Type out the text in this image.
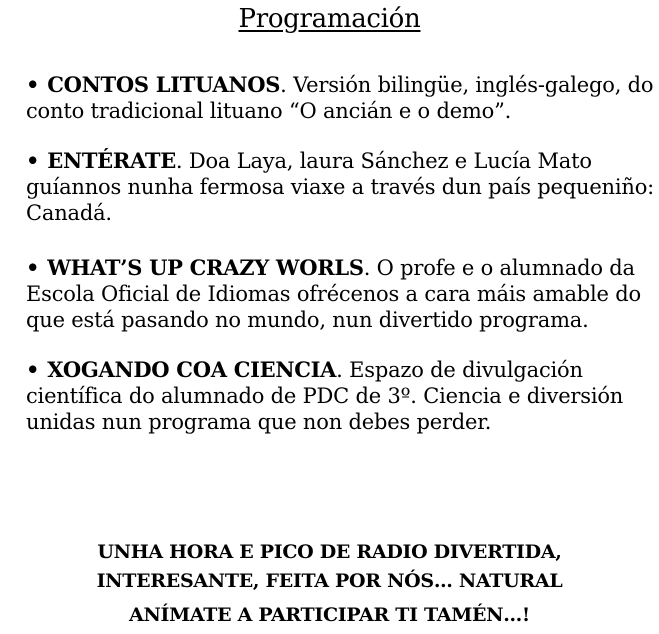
Programación
• CONTOS LITUANOS. Versión bilingüe, inglés-galego, do conto tradicional lituano “O ancián e o demo”.
• ENTÉRATE. Doa Laya, laura Sánchez e Lucía Mato guíannos nunha fermosa viaxe a través dun país pequeniño: Canadá.
• WHAT’S UP CRAZY WORLS. O profe e o alumnado da Escola Oficial de Idiomas ofrécenos a cara máis amable do que está pasando no mundo, nun divertido programa.
• XOGANDO COA CIENCIA. Espazo de divulgación científica do alumnado de PDC de 3º. Ciencia e diversión unidas nun programa que non debes perder.
UNHA HORA E PICO DE RADIO DIVERTIDA,
INTERESANTE, FEITA POR NÓS… NATURAL
ANÍMATE A PARTICIPAR TI TAMÉN…!
